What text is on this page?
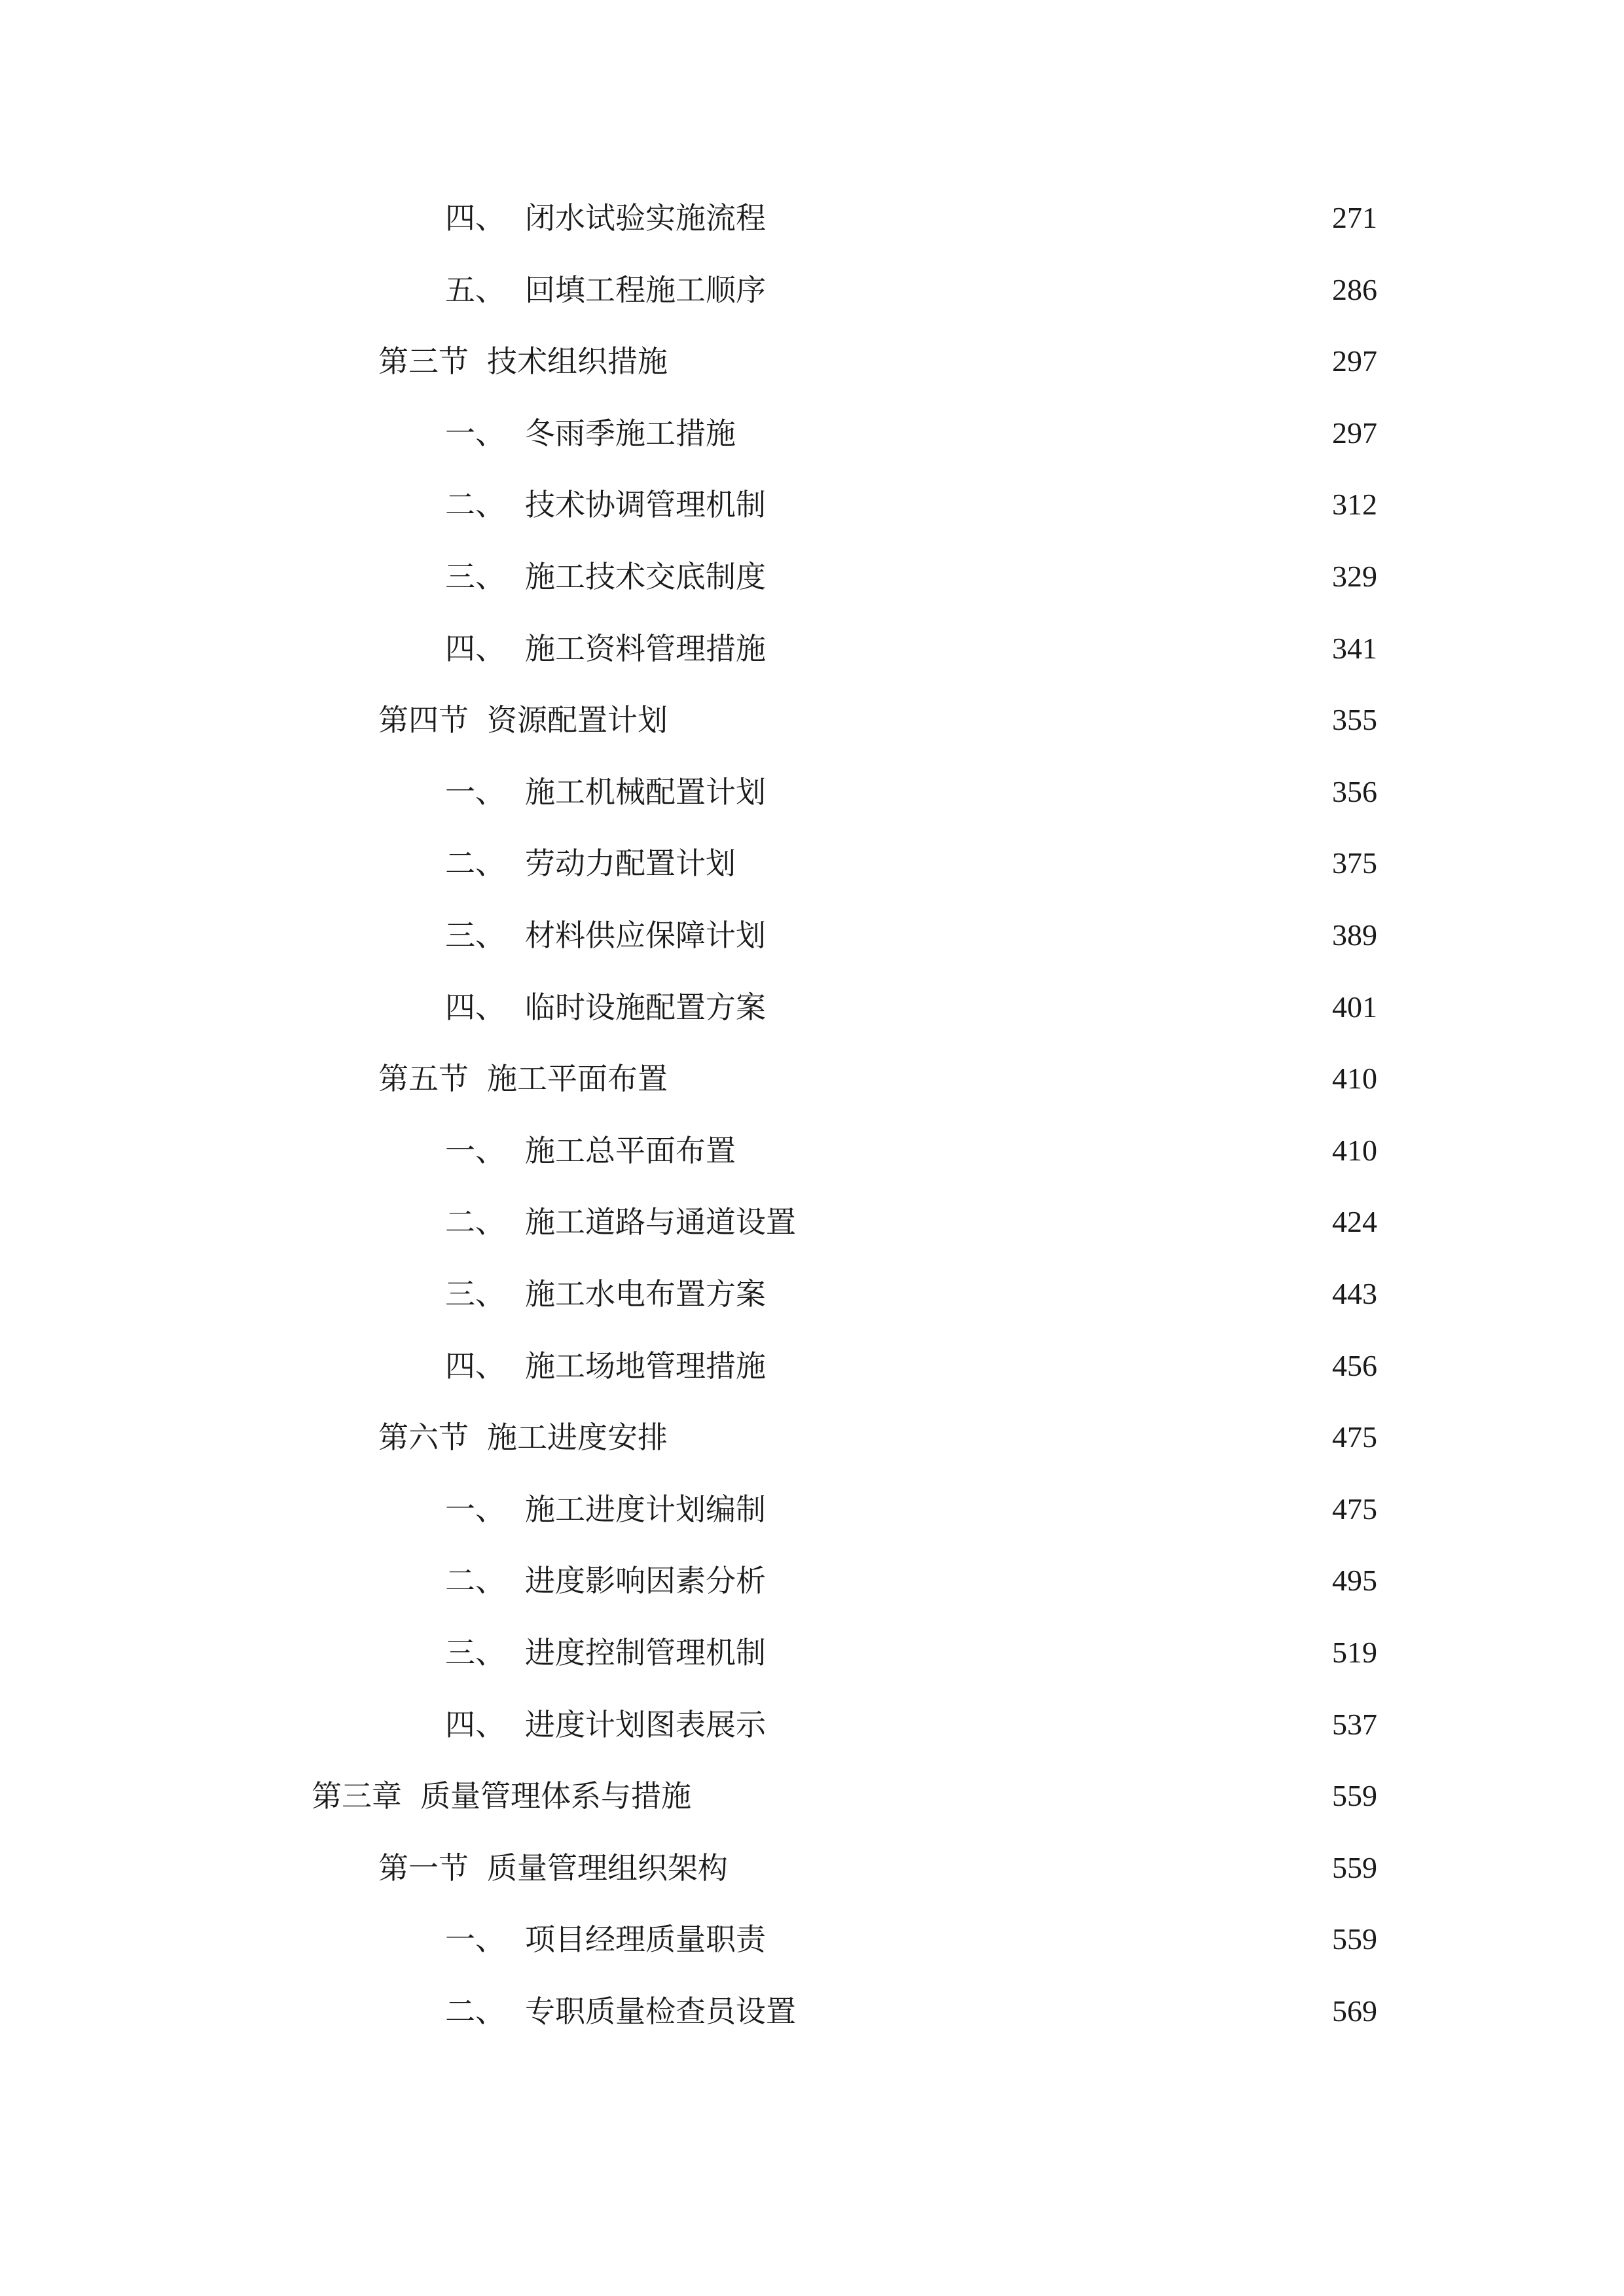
四、 闭水试验实施流程	271
五、 回填工程施工顺序	286
第三节 技术组织措施	297
一、 冬雨季施工措施	297
二、 技术协调管理机制	312
三、 施工技术交底制度	329
四、 施工资料管理措施	341
第四节 资源配置计划	355
一、 施工机械配置计划	356
二、 劳动力配置计划	375
三、 材料供应保障计划	389
四、 临时设施配置方案	401
第五节 施工平面布置	410
一、 施工总平面布置	410
二、 施工道路与通道设置	424
三、 施工水电布置方案	443
四、 施工场地管理措施	456
第六节 施工进度安排	475
一、 施工进度计划编制	475
二、 进度影响因素分析	495
三、 进度控制管理机制	519
四、 进度计划图表展示	537
第三章 质量管理体系与措施	559
第一节 质量管理组织架构	559
一、 项目经理质量职责	559
二、 专职质量检查员设置	569
